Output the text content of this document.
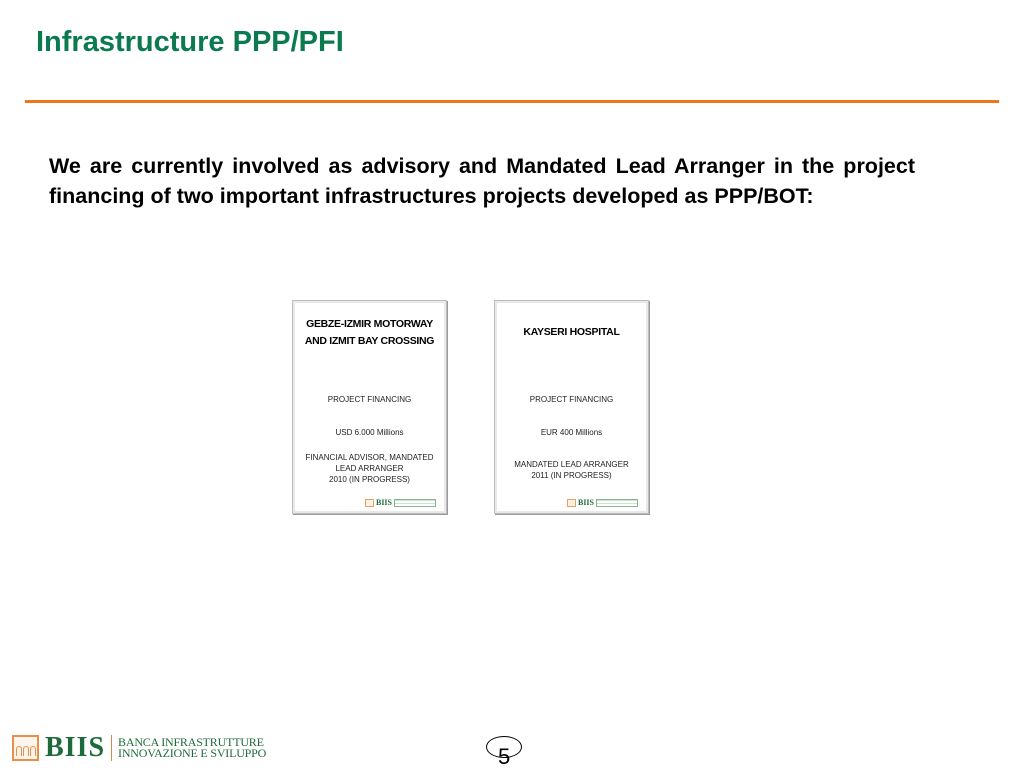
Infrastructure PPP/PFI

We are currently involved as advisory and Mandated Lead Arranger in the project financing of two important infrastructures projects developed as PPP/BOT:

GEBZE-IZMIR MOTORWAY
AND IZMIT BAY CROSSING
PROJECT FINANCING
USD 6.000 Millions
FINANCIAL ADVISOR, MANDATED
LEAD ARRANGER
2010 (IN PROGRESS)
BIIS
KAYSERI HOSPITAL
PROJECT FINANCING
EUR 400 Millions
MANDATED LEAD ARRANGER
2011 (IN PROGRESS)
BIIS
BIIS BANCA INFRASTRUTTURE
INNOVAZIONE E SVILUPPO	5
